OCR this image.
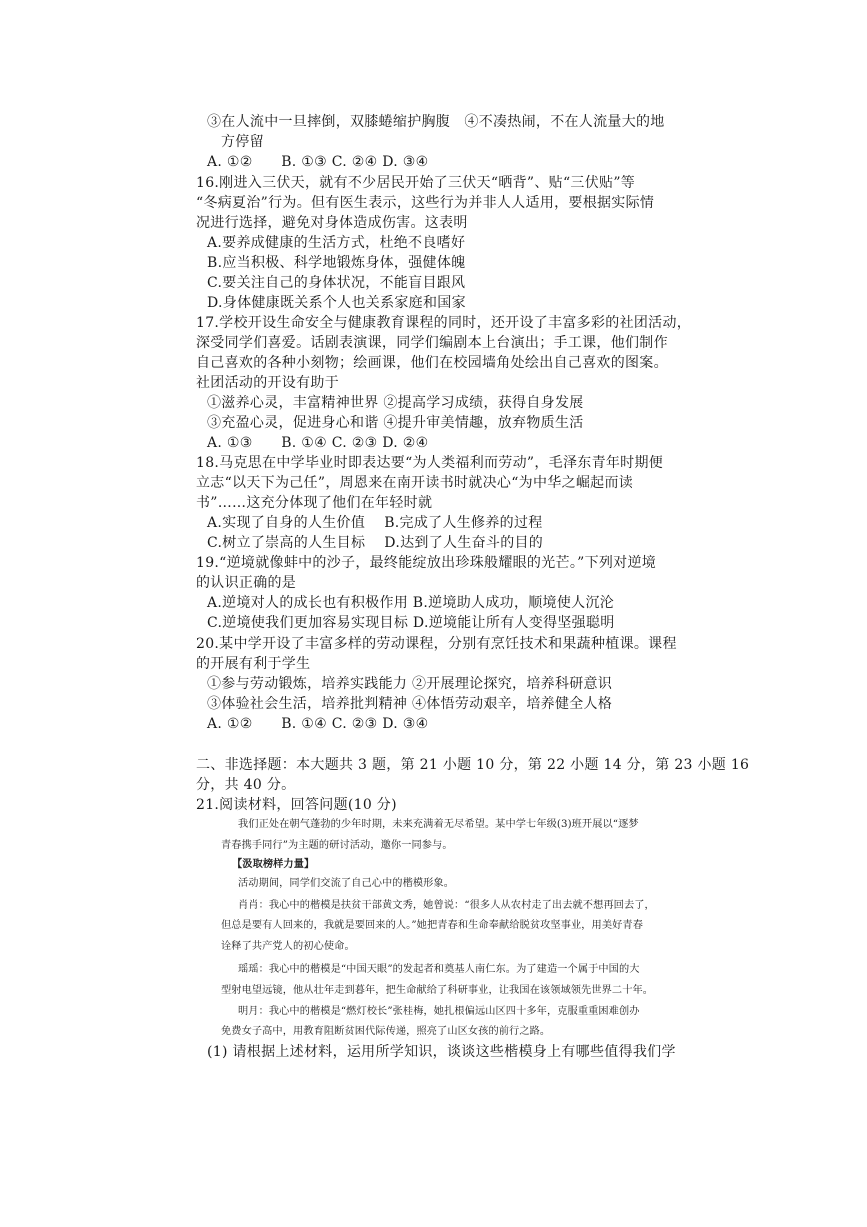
③在人流中一旦摔倒，双膝蜷缩护胸腹　④不凑热闹，不在人流量大的地
方停留
A. ①②　　B. ①③ C. ②④ D. ③④
16.刚进入三伏天，就有不少居民开始了三伏天“晒背”、贴“三伏贴”等
“冬病夏治”行为。但有医生表示，这些行为并非人人适用，要根据实际情
况进行选择，避免对身体造成伤害。这表明
A.要养成健康的生活方式，杜绝不良嗜好
B.应当积极、科学地锻炼身体，强健体魄
C.要关注自己的身体状况，不能盲目跟风
D.身体健康既关系个人也关系家庭和国家
17.学校开设生命安全与健康教育课程的同时，还开设了丰富多彩的社团活动，
深受同学们喜爱。话剧表演课，同学们编剧本上台演出；手工课，他们制作
自己喜欢的各种小刻物；绘画课，他们在校园墙角处绘出自己喜欢的图案。
社团活动的开设有助于
①滋养心灵，丰富精神世界 ②提高学习成绩，获得自身发展
③充盈心灵，促进身心和谐 ④提升审美情趣，放弃物质生活
A. ①③　　B. ①④ C. ②③ D. ②④
18.马克思在中学毕业时即表达要“为人类福利而劳动”，毛泽东青年时期便
立志“以天下为己任”，周恩来在南开读书时就决心“为中华之崛起而读
书”……这充分体现了他们在年轻时就
A.实现了自身的人生价值　 B.完成了人生修养的过程
C.树立了崇高的人生目标　 D.达到了人生奋斗的目的
19.“逆境就像蚌中的沙子，最终能绽放出珍珠般耀眼的光芒。”下列对逆境
的认识正确的是
A.逆境对人的成长也有积极作用 B.逆境助人成功，顺境使人沉沦
C.逆境使我们更加容易实现目标 D.逆境能让所有人变得坚强聪明
20.某中学开设了丰富多样的劳动课程，分别有烹饪技术和果蔬种植课。课程
的开展有利于学生
①参与劳动锻炼，培养实践能力 ②开展理论探究，培养科研意识
③体验社会生活，培养批判精神 ④体悟劳动艰辛，培养健全人格
A. ①②　　B. ①④ C. ②③ D. ③④
二、非选择题：本大题共 3 题，第 21 小题 10 分，第 22 小题 14 分，第 23 小题 16
分，共 40 分。
21.阅读材料，回答问题(10 分)
我们正处在朝气蓬勃的少年时期，未来充满着无尽希望。某中学七年级(3)班开展以“逐梦
青春携手同行”为主题的研讨活动，邀你一同参与。
【汲取榜样力量】
活动期间，同学们交流了自己心中的楷模形象。
肖肖：我心中的楷模是扶贫干部黄文秀，她曾说：“很多人从农村走了出去就不想再回去了，
但总是要有人回来的，我就是要回来的人。”她把青春和生命奉献给脱贫攻坚事业，用美好青春
诠释了共产党人的初心使命。
瑶瑶：我心中的楷模是“中国天眼”的发起者和奠基人南仁东。为了建造一个属于中国的大
型射电望远镜，他从壮年走到暮年，把生命献给了科研事业，让我国在该领域领先世界二十年。
明月：我心中的楷模是“燃灯校长”张桂梅，她扎根偏远山区四十多年，克服重重困难创办
免费女子高中，用教育阻断贫困代际传递，照亮了山区女孩的前行之路。
(1) 请根据上述材料，运用所学知识，谈谈这些楷模身上有哪些值得我们学
